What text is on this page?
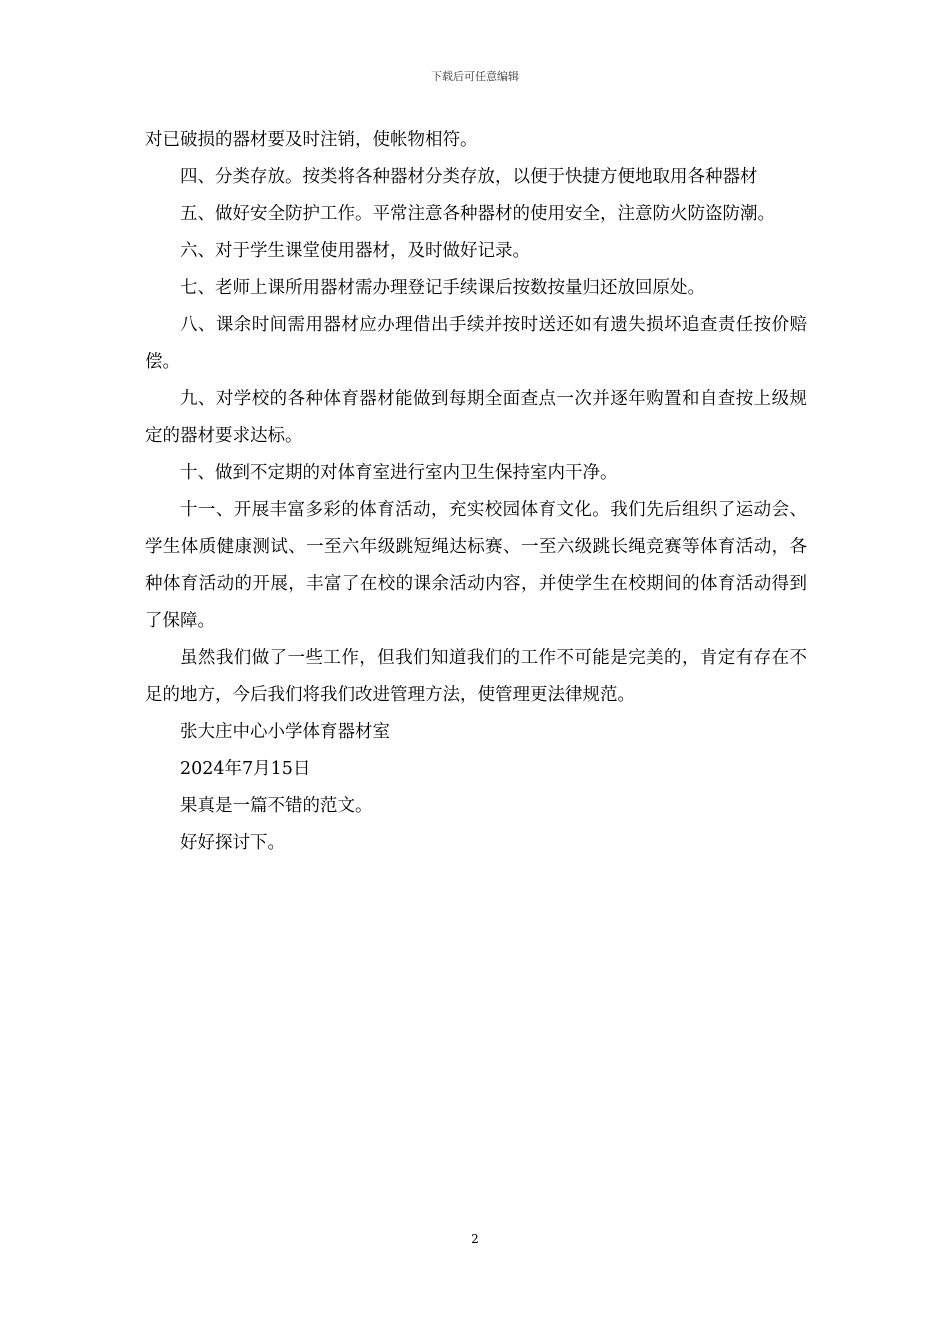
下载后可任意编辑

对已破损的器材要及时注销，使帐物相符。

四、分类存放。按类将各种器材分类存放，以便于快捷方便地取用各种器材

五、做好安全防护工作。平常注意各种器材的使用安全，注意防火防盗防潮。

六、对于学生课堂使用器材，及时做好记录。

七、老师上课所用器材需办理登记手续课后按数按量归还放回原处。

八、课余时间需用器材应办理借出手续并按时送还如有遗失损坏追查责任按价赔偿。

九、对学校的各种体育器材能做到每期全面查点一次并逐年购置和自查按上级规定的器材要求达标。

十、做到不定期的对体育室进行室内卫生保持室内干净。

十一、开展丰富多彩的体育活动，充实校园体育文化。我们先后组织了运动会、学生体质健康测试、一至六年级跳短绳达标赛、一至六级跳长绳竞赛等体育活动，各种体育活动的开展，丰富了在校的课余活动内容，并使学生在校期间的体育活动得到了保障。

虽然我们做了一些工作，但我们知道我们的工作不可能是完美的，肯定有存在不足的地方，今后我们将我们改进管理方法，使管理更法律规范。

张大庄中心小学体育器材室

2024年7月15日

果真是一篇不错的范文。

好好探讨下。

2
